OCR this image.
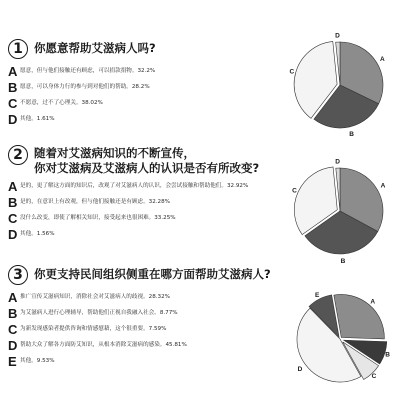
1 你愿意帮助艾滋病人吗?
A 愿意，但与他们接触还有顾虑，可以捐款捐物。32.2%
B 愿意，可以身体力行的参与到对他们的帮助。28.2%
C 不愿意，过不了心理关。38.02%
D 其他。1.61%
A
B
C
D
2 随着对艾滋病知识的不断宣传，
你对艾滋病及艾滋病人的认识是否有所改变?
A 是的，更了解这方面的知识后，改观了对艾滋病人的认识，会尝试接触和帮助他们。32.92%
B 是的，在意识上有改观，但与他们接触还是有顾虑。32.28%
C 没什么改变，即使了解相关知识，接受起来也很困难。33.25%
D 其他。1.56%
A
B
C
D
3 你更支持民间组织侧重在哪方面帮助艾滋病人?
A 推广宣传艾滋病知识，消除社会对艾滋病人的歧视。28.32%
B 为艾滋病人进行心理辅导，帮助他们正视自我融入社会。8.77%
C 为新发现感染者提供咨询和情感慰藉，这个很重要。7.59%
D 帮助大众了解各方面防艾知识，从根本消除艾滋病的感染。45.81%
E 其他。9.53%
A
B
C
D
E
